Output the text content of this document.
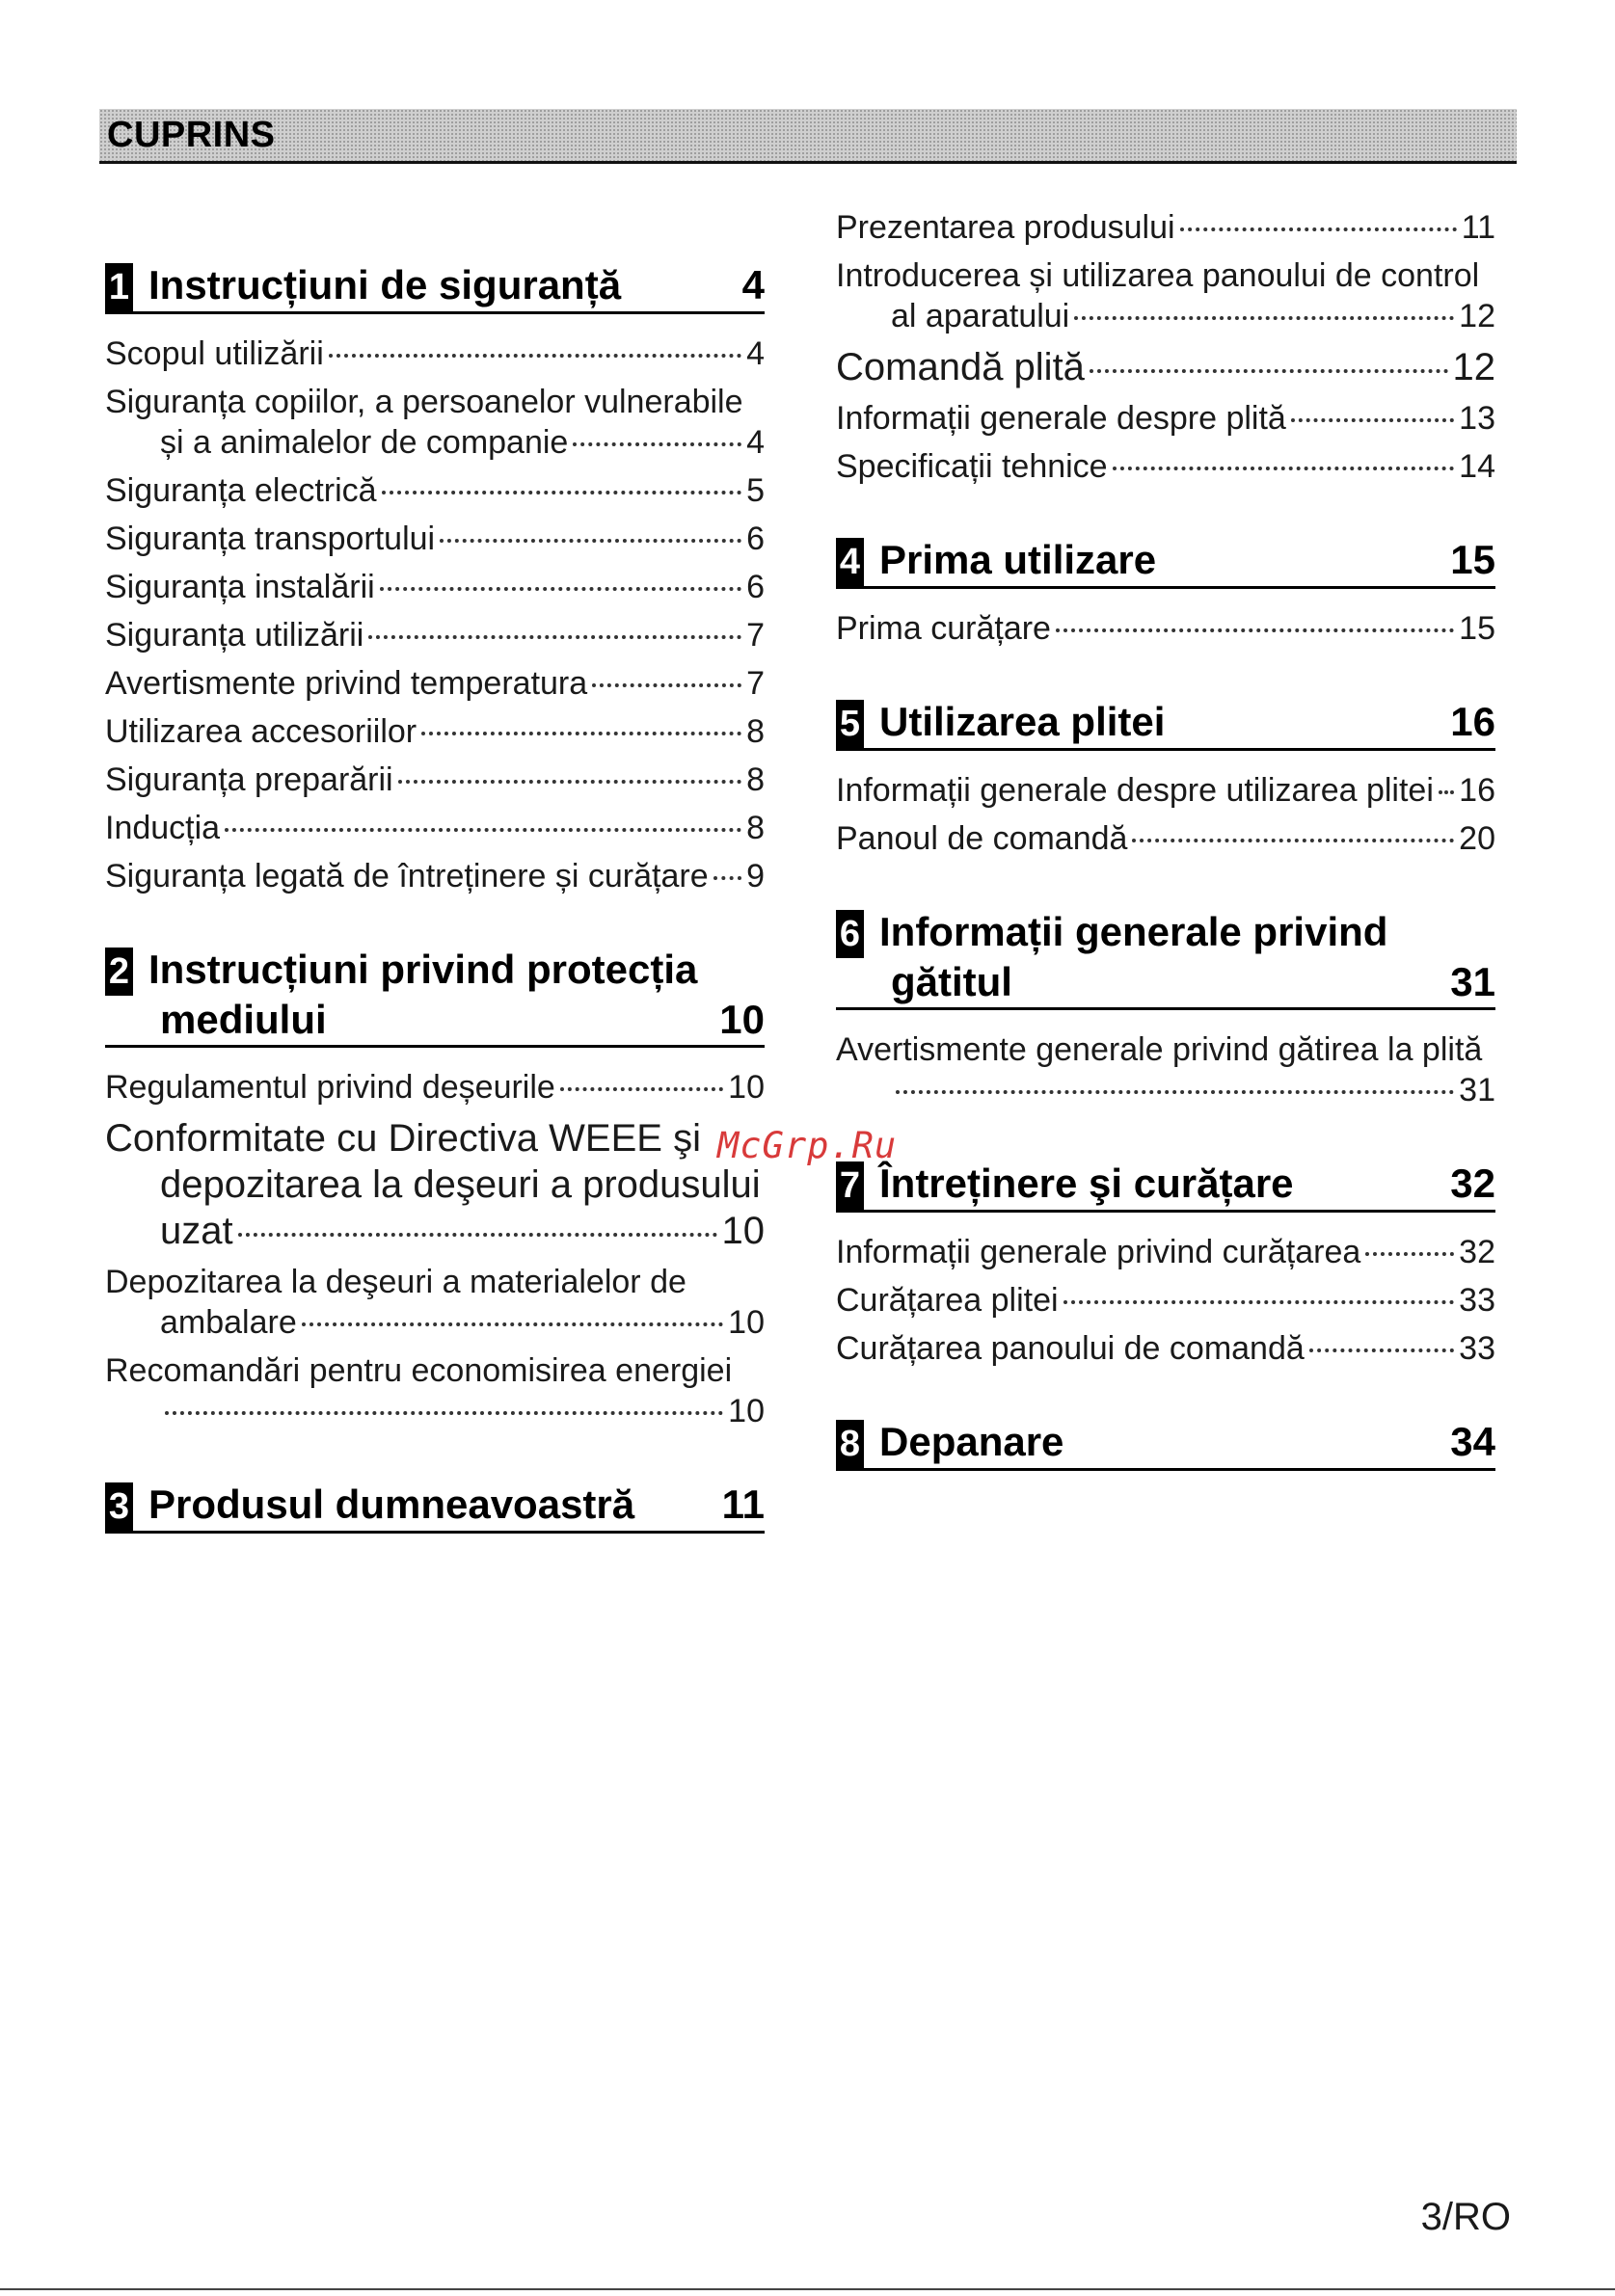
CUPRINS
1 Instrucțiuni de siguranță	4
Scopul utilizării	4
Siguranța copiilor, a persoanelor vulnerabile
și a animalelor de companie	4
Siguranța electrică	5
Siguranța transportului	6
Siguranța instalării	6
Siguranța utilizării	7
Avertismente privind temperatura	7
Utilizarea accesoriilor	8
Siguranța preparării	8
Inducția	8
Siguranța legată de întreținere și curățare 9
2 Instrucțiuni privind protecția
mediului	10
Regulamentul privind deșeurile	10
Conformitate cu Directiva WEEE şi
depozitarea la deşeuri a produsului
uzat	10
Depozitarea la deşeuri a materialelor de
ambalare	10
Recomandări pentru economisirea energiei
10
3 Produsul dumneavoastră	11
Prezentarea produsului	11
Introducerea și utilizarea panoului de control
al aparatului	12
Comandă plită	12
Informații generale despre plită	13
Specificații tehnice	14
4 Prima utilizare	15
Prima curățare	15
5 Utilizarea plitei	16
Informații generale despre utilizarea plitei 16
Panoul de comandă	20
6 Informații generale privind
gătitul	31
Avertismente generale privind gătirea la plită
31
7 Întreținere şi curățare	32
Informații generale privind curățarea	32
Curățarea plitei	33
Curățarea panoului de comandă	33
8 Depanare	34
McGrp.Ru
3/RO
